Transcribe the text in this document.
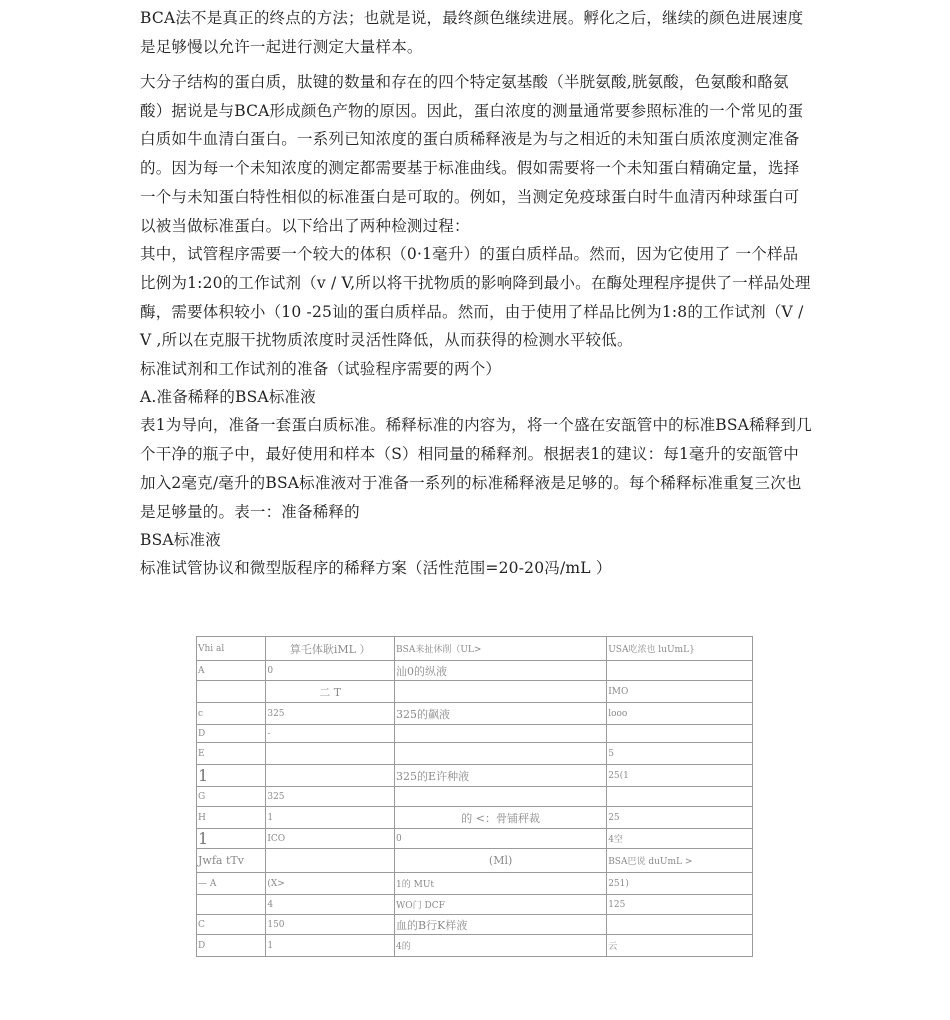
BCA法不是真正的终点的方法；也就是说，最终颜色继续进展。孵化之后，继续的颜色进展速度是足够慢以允许一起进行测定大量样本。

大分子结构的蛋白质，肽键的数量和存在的四个特定氨基酸（半胱氨酸,胱氨酸，色氨酸和酪氨酸）据说是与BCA形成颜色产物的原因。因此，蛋白浓度的测量通常要参照标准的一个常见的蛋白质如牛血清白蛋白。一系列已知浓度的蛋白质稀释液是为与之相近的未知蛋白质浓度测定准备的。因为每一个未知浓度的测定都需要基于标准曲线。假如需要将一个未知蛋白精确定量，选择一个与未知蛋白特性相似的标准蛋白是可取的。例如，当测定免疫球蛋白时牛血清丙种球蛋白可以被当做标准蛋白。以下给出了两种检测过程：

其中，试管程序需要一个较大的体积（0·1毫升）的蛋白质样品。然而，因为它使用了 一个样品比例为1:20的工作试剂（v / V,所以将干扰物质的影响降到最小。在酶处理程序提供了一样品处理酶，需要体积较小（10 -25讪的蛋白质样品。然而，由于使用了样品比例为1:8的工作试剂（V / V ,所以在克服干扰物质浓度时灵活性降低，从而获得的检测水平较低。

标准试剂和工作试剂的准备（试验程序需要的两个）

A.准备稀释的BSA标准液

表1为导向，准备一套蛋白质标准。稀释标准的内容为，将一个盛在安瓿管中的标准BSA稀释到几个干净的瓶子中，最好使用和样本（S）相同量的稀释剂。根据表1的建议：每1毫升的安瓿管中加入2毫克/毫升的BSA标准液对于准备一系列的标准稀释液是足够的。每个稀释标准重复三次也是足够量的。表一：准备稀释的

BSA标准液

标准试管协议和微型版程序的稀释方案（活性范围=20-20冯/mL ）

Vhi al	算乇体耿iML ）	BSA来扯休削（UL>	USA吃浓也 luUmL}
A	0	汕0的纵液	
	二 T		IMO
c	325	325的飙液	looo
D	-		
E			5
1		325的E许种液	25(1
G	325		
H	1	的 <：骨铺秤裁	25
1	ICO	0	4空
Jwfa tTv		(Ml)	BSA巴说 duUmL >
— A	(X>	1的 MUt	251)
	4	WO门 DCF	125
C	150	血的B行K样液	
D	1	4的	云
